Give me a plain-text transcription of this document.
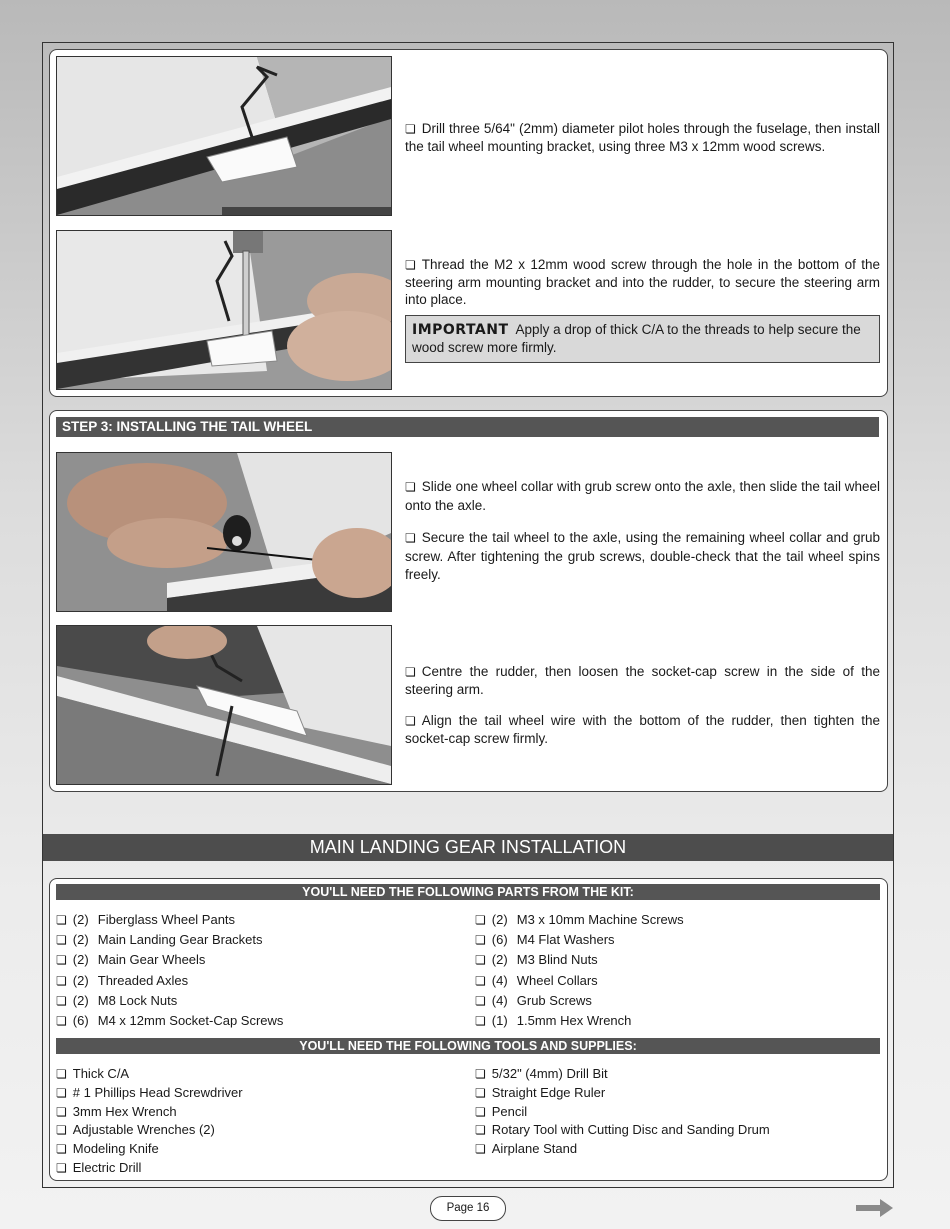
❏ Drill three 5/64" (2mm) diameter pilot holes through the fuselage, then install the tail wheel mounting bracket, using three M3 x 12mm wood screws.

❏ Thread the M2 x 12mm wood screw through the hole in the bottom of the steering arm mounting bracket and into the rudder, to secure the steering arm into place.

IMPORTANT Apply a drop of thick C/A to the threads to help secure the wood screw more firmly.
STEP 3: INSTALLING THE TAIL WHEEL

❏ Slide one wheel collar with grub screw onto the axle, then slide the tail wheel onto the axle.

❏ Secure the tail wheel to the axle, using the remaining wheel collar and grub screw. After tightening the grub screws, double-check that the tail wheel spins freely.

❏ Centre the rudder, then loosen the socket-cap screw in the side of the steering arm.

❏ Align the tail wheel wire with the bottom of the rudder, then tighten the socket-cap screw firmly.

MAIN LANDING GEAR INSTALLATION
YOU'LL NEED THE FOLLOWING PARTS FROM THE KIT:
❏ (2) Fiberglass Wheel Pants
❏ (2) Main Landing Gear Brackets
❏ (2) Main Gear Wheels
❏ (2) Threaded Axles
❏ (2) M8 Lock Nuts
❏ (6) M4 x 12mm Socket-Cap Screws
❏ (2) M3 x 10mm Machine Screws
❏ (6) M4 Flat Washers
❏ (2) M3 Blind Nuts
❏ (4) Wheel Collars
❏ (4) Grub Screws
❏ (1) 1.5mm Hex Wrench
YOU'LL NEED THE FOLLOWING TOOLS AND SUPPLIES:
❏ Thick C/A
❏ # 1 Phillips Head Screwdriver
❏ 3mm Hex Wrench
❏ Adjustable Wrenches (2)
❏ Modeling Knife
❏ Electric Drill
❏ 5/32" (4mm) Drill Bit
❏ Straight Edge Ruler
❏ Pencil
❏ Rotary Tool with Cutting Disc and Sanding Drum
❏ Airplane Stand
Page 16
